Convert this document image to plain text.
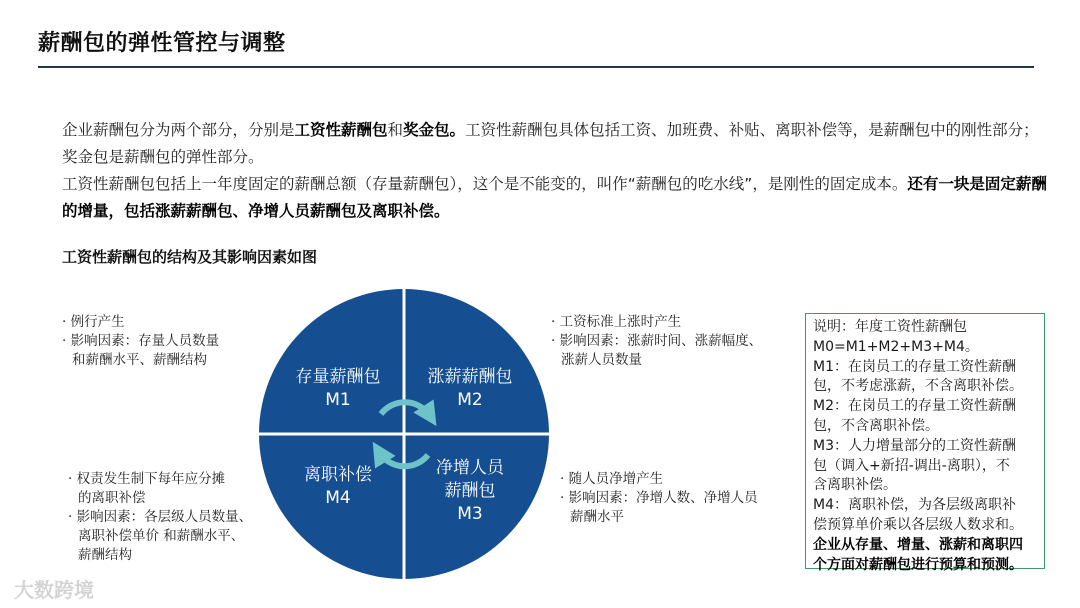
薪酬包的弹性管控与调整

企业薪酬包分为两个部分，分别是工资性薪酬包和奖金包。工资性薪酬包具体包括工资、加班费、补贴、离职补偿等，是薪酬包中的刚性部分；奖金包是薪酬包的弹性部分。

工资性薪酬包包括上一年度固定的薪酬总额（存量薪酬包），这个是不能变的，叫作“薪酬包的吃水线”，是刚性的固定成本。还有一块是固定薪酬的增量，包括涨薪薪酬包、净增人员薪酬包及离职补偿。

工资性薪酬包的结构及其影响因素如图
存量薪酬包
M1
涨薪薪酬包
M2
离职补偿
M4
净增人员
薪酬包
M3
· 例行产生
· 影响因素：存量人员数量
和薪酬水平、薪酬结构
· 工资标准上涨时产生
· 影响因素：涨薪时间、涨薪幅度、
涨薪人员数量
· 权责发生制下每年应分摊
的离职补偿
· 影响因素：各层级人员数量、
离职补偿单价 和薪酬水平、
薪酬结构
· 随人员净增产生
· 影响因素：净增人数、净增人员
薪酬水平
说明：年度工资性薪酬包
M0=M1+M2+M3+M4。
M1：在岗员工的存量工资性薪酬
包，不考虑涨薪，不含离职补偿。
M2：在岗员工的存量工资性薪酬
包，不含离职补偿。
M3：人力增量部分的工资性薪酬
包（调入+新招-调出-离职），不
含离职补偿。
M4：离职补偿，为各层级离职补
偿预算单价乘以各层级人数求和。
企业从存量、增量、涨薪和离职四
个方面对薪酬包进行预算和预测。
大数跨境
